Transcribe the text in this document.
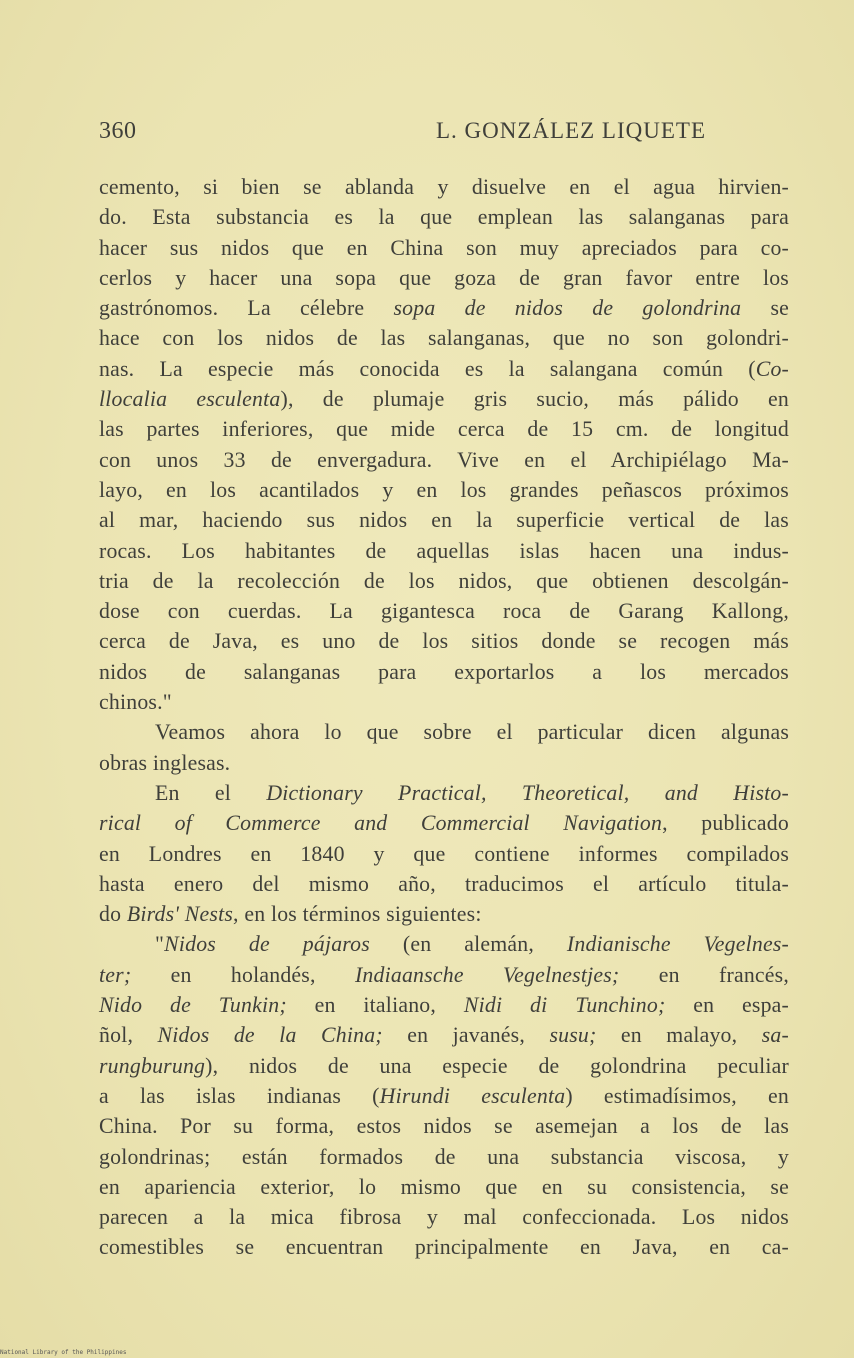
360	L. GONZÁLEZ LIQUETE
cemento, si bien se ablanda y disuelve en el agua hirvien-
do. Esta substancia es la que emplean las salanganas para
hacer sus nidos que en China son muy apreciados para co-
cerlos y hacer una sopa que goza de gran favor entre los
gastrónomos. La célebre sopa de nidos de golondrina se
hace con los nidos de las salanganas, que no son golondri-
nas. La especie más conocida es la salangana común (Co-
llocalia esculenta), de plumaje gris sucio, más pálido en
las partes inferiores, que mide cerca de 15 cm. de longitud
con unos 33 de envergadura. Vive en el Archipiélago Ma-
layo, en los acantilados y en los grandes peñascos próximos
al mar, haciendo sus nidos en la superficie vertical de las
rocas. Los habitantes de aquellas islas hacen una indus-
tria de la recolección de los nidos, que obtienen descolgán-
dose con cuerdas. La gigantesca roca de Garang Kallong,
cerca de Java, es uno de los sitios donde se recogen más
nidos de salanganas para exportarlos a los mercados
chinos."
Veamos ahora lo que sobre el particular dicen algunas
obras inglesas.
En el Dictionary Practical, Theoretical, and Histo-
rical of Commerce and Commercial Navigation, publicado
en Londres en 1840 y que contiene informes compilados
hasta enero del mismo año, traducimos el artículo titula-
do Birds' Nests, en los términos siguientes:
"Nidos de pájaros (en alemán, Indianische Vegelnes-
ter; en holandés, Indiaansche Vegelnestjes; en francés,
Nido de Tunkin; en italiano, Nidi di Tunchino; en espa-
ñol, Nidos de la China; en javanés, susu; en malayo, sa-
rungburung), nidos de una especie de golondrina peculiar
a las islas indianas (Hirundi esculenta) estimadísimos, en
China. Por su forma, estos nidos se asemejan a los de las
golondrinas; están formados de una substancia viscosa, y
en apariencia exterior, lo mismo que en su consistencia, se
parecen a la mica fibrosa y mal confeccionada. Los nidos
comestibles se encuentran principalmente en Java, en ca-
National Library of the Philippines
